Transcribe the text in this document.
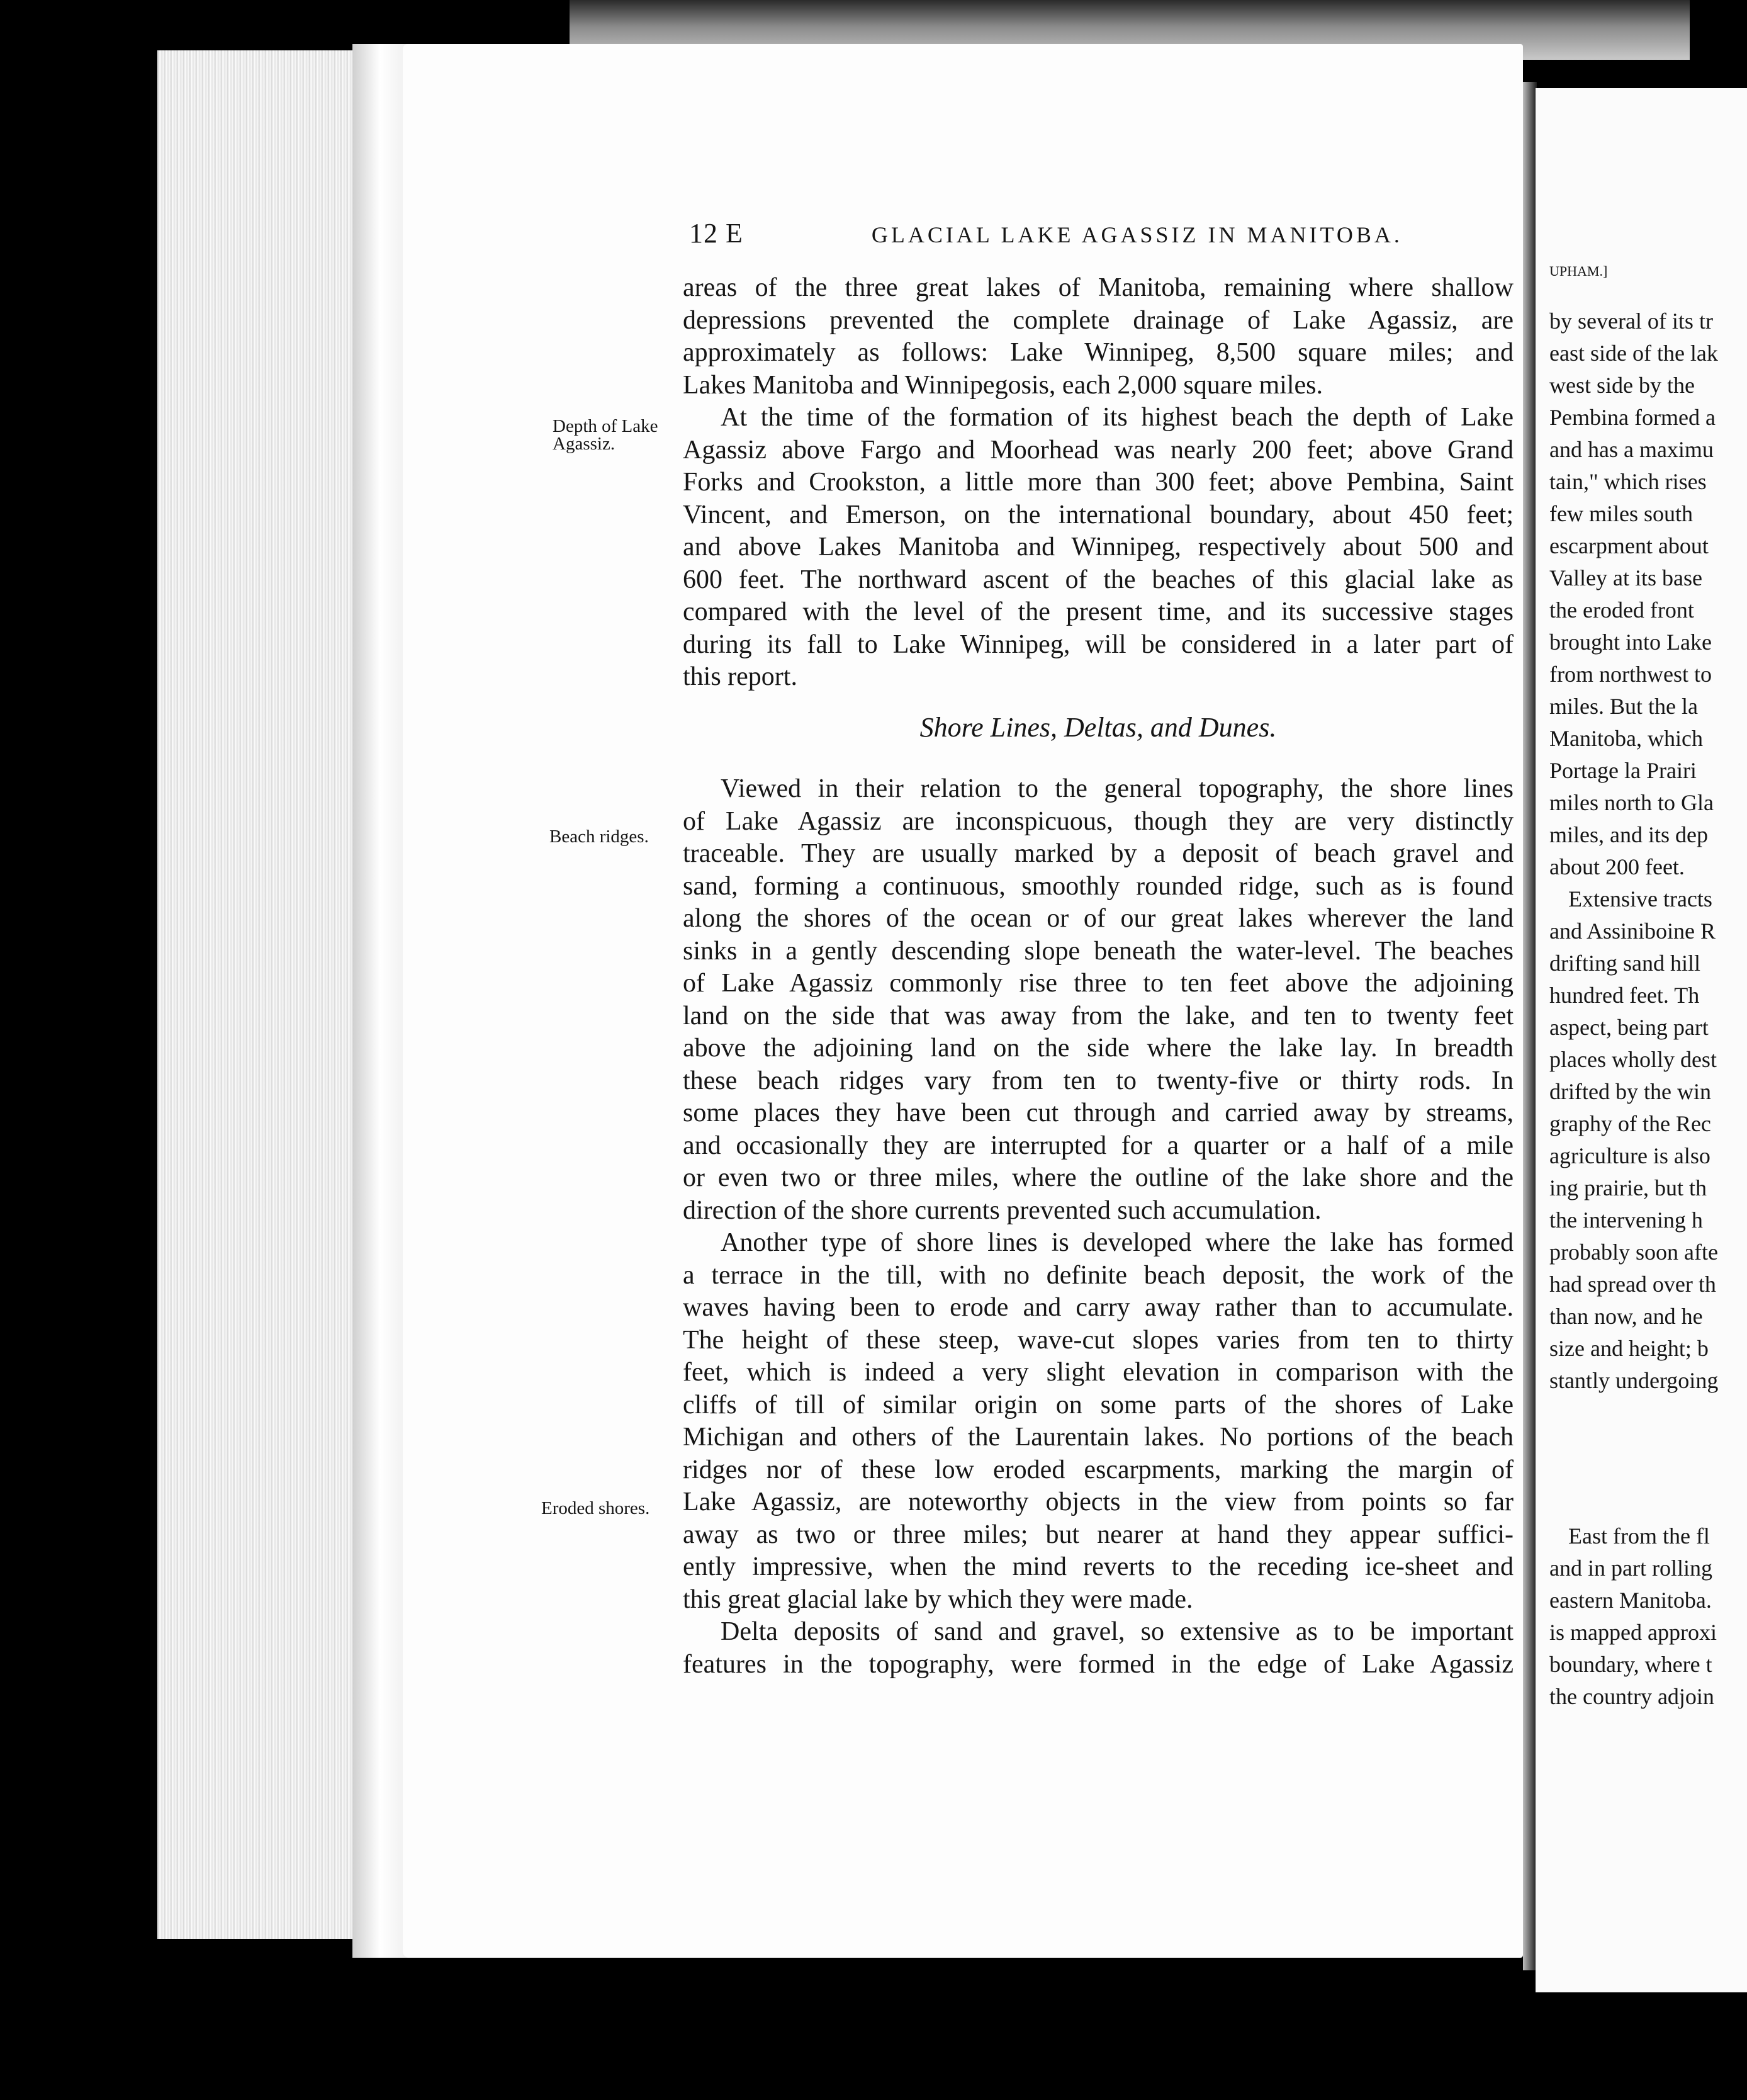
12 E	GLACIAL LAKE AGASSIZ IN MANITOBA.
Depth of Lake
Agassiz.
Beach ridges.
Eroded shores.

areas of the three great lakes of Manitoba, remaining where shallow

depressions prevented the complete drainage of Lake Agassiz, are

approximately as follows: Lake Winnipeg, 8,500 square miles; and

Lakes Manitoba and Winnipegosis, each 2,000 square miles.

At the time of the formation of its highest beach the depth of Lake

Agassiz above Fargo and Moorhead was nearly 200 feet; above Grand

Forks and Crookston, a little more than 300 feet; above Pembina, Saint

Vincent, and Emerson, on the international boundary, about 450 feet;

and above Lakes Manitoba and Winnipeg, respectively about 500 and

600 feet. The northward ascent of the beaches of this glacial lake as

compared with the level of the present time, and its successive stages

during its fall to Lake Winnipeg, will be considered in a later part of

this report.

Shore Lines, Deltas, and Dunes.

Viewed in their relation to the general topography, the shore lines

of Lake Agassiz are inconspicuous, though they are very distinctly

traceable. They are usually marked by a deposit of beach gravel and

sand, forming a continuous, smoothly rounded ridge, such as is found

along the shores of the ocean or of our great lakes wherever the land

sinks in a gently descending slope beneath the water-level. The beaches

of Lake Agassiz commonly rise three to ten feet above the adjoining

land on the side that was away from the lake, and ten to twenty feet

above the adjoining land on the side where the lake lay. In breadth

these beach ridges vary from ten to twenty-five or thirty rods. In

some places they have been cut through and carried away by streams,

and occasionally they are interrupted for a quarter or a half of a mile

or even two or three miles, where the outline of the lake shore and the

direction of the shore currents prevented such accumulation.

Another type of shore lines is developed where the lake has formed

a terrace in the till, with no definite beach deposit, the work of the

waves having been to erode and carry away rather than to accumulate.

The height of these steep, wave-cut slopes varies from ten to thirty

feet, which is indeed a very slight elevation in comparison with the

cliffs of till of similar origin on some parts of the shores of Lake

Michigan and others of the Laurentain lakes. No portions of the beach

ridges nor of these low eroded escarpments, marking the margin of

Lake Agassiz, are noteworthy objects in the view from points so far

away as two or three miles; but nearer at hand they appear suffici-

ently impressive, when the mind reverts to the receding ice-sheet and

this great glacial lake by which they were made.

Delta deposits of sand and gravel, so extensive as to be important

features in the topography, were formed in the edge of Lake Agassiz

UPHAM.]
by several of its tr
east side of the lak
west side by the
Pembina formed a
and has a maximu
tain," which rises
few miles south
escarpment about
Valley at its base
the eroded front
brought into Lake
from northwest to
miles. But the la
Manitoba, which
Portage la Prairi
miles north to Gla
miles, and its dep
about 200 feet.
Extensive tracts
and Assiniboine R
drifting sand hill
hundred feet. Th
aspect, being part
places wholly dest
drifted by the win
graphy of the Rec
agriculture is also
ing prairie, but th
the intervening h
probably soon afte
had spread over th
than now, and he
size and height; b
stantly undergoing
East from the fl
and in part rolling
eastern Manitoba.
is mapped approxi
boundary, where t
the country adjoin
